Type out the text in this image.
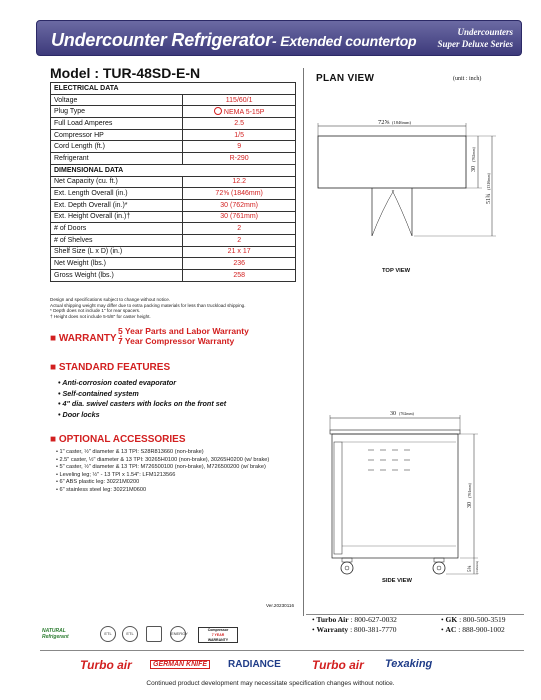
Undercounter Refrigerator- Extended countertop
Undercounters
Super Deluxe Series
Model : TUR-48SD-E-N
ELECTRICAL DATA	
Voltage	115/60/1
Plug Type	NEMA 5-15P
Full Load Amperes	2.5
Compressor HP	1/5
Cord Length (ft.)	9
Refrigerant	R-290
DIMENSIONAL DATA	
Net Capacity (cu. ft.)	12.2
Ext. Length Overall (in.)	72⅝ (1846mm)
Ext. Depth Overall (in.)*	30 (762mm)
Ext. Height Overall (in.)†	30 (761mm)
# of Doors	2
# of Shelves	2
Shelf Size (L x D) (in.)	21 x 17
Net Weight (lbs.)	236
Gross Weight (lbs.)	258
Design and specifications subject to change without notice.
Actual shipping weight may differ due to extra packing materials for less than truckload shipping.
* Depth does not include 1" for rear spacers.
† Height does not include 5-5/8" for caster height.
■ WARRANTY :
5 Year Parts and Labor Warranty
7 Year Compressor Warranty
■ STANDARD FEATURES
• Anti-corrosion coated evaporator
• Self-contained system
• 4" dia. swivel casters with locks on the front set
• Door locks
■ OPTIONAL ACCESSORIES
• 1" caster, ½" diameter & 13 TPI: S28R813660 (non-brake)
• 2.5" caster, ½" diameter & 13 TPI: 30265H0100 (non-brake), 30265H0200 (w/ brake)
• 5" caster, ½" diameter & 13 TPI: M726500100 (non-brake), M726500200 (w/ brake)
• Leveling leg; ½" - 13 TPI x 1.54": LFM1213566
• 6" ABS plastic leg: 30221M0200
• 6" stainless steel leg: 30221M0600
Ver.20230116
PLAN VIEW	(unit : inch)
72⅝ (1846mm)
30
(762mm)
51¾
(1316mm)
30 (762mm)
30
(761mm)
5⅝ (143mm)
TOP VIEW
SIDE VIEW
• Turbo Air : 800-627-0032	• GK : 800-500-3519
• Warranty : 800-381-7770	• AC : 888-900-1002
NATURAL
Refrigerant
ETL	ETL	ENERGY
Compressor
7 YEAR
WARRANTY
Turbo air	GERMAN KNIFE	RADIANCE	Turbo air Texaking
Continued product development may necessitate specification changes without notice.
